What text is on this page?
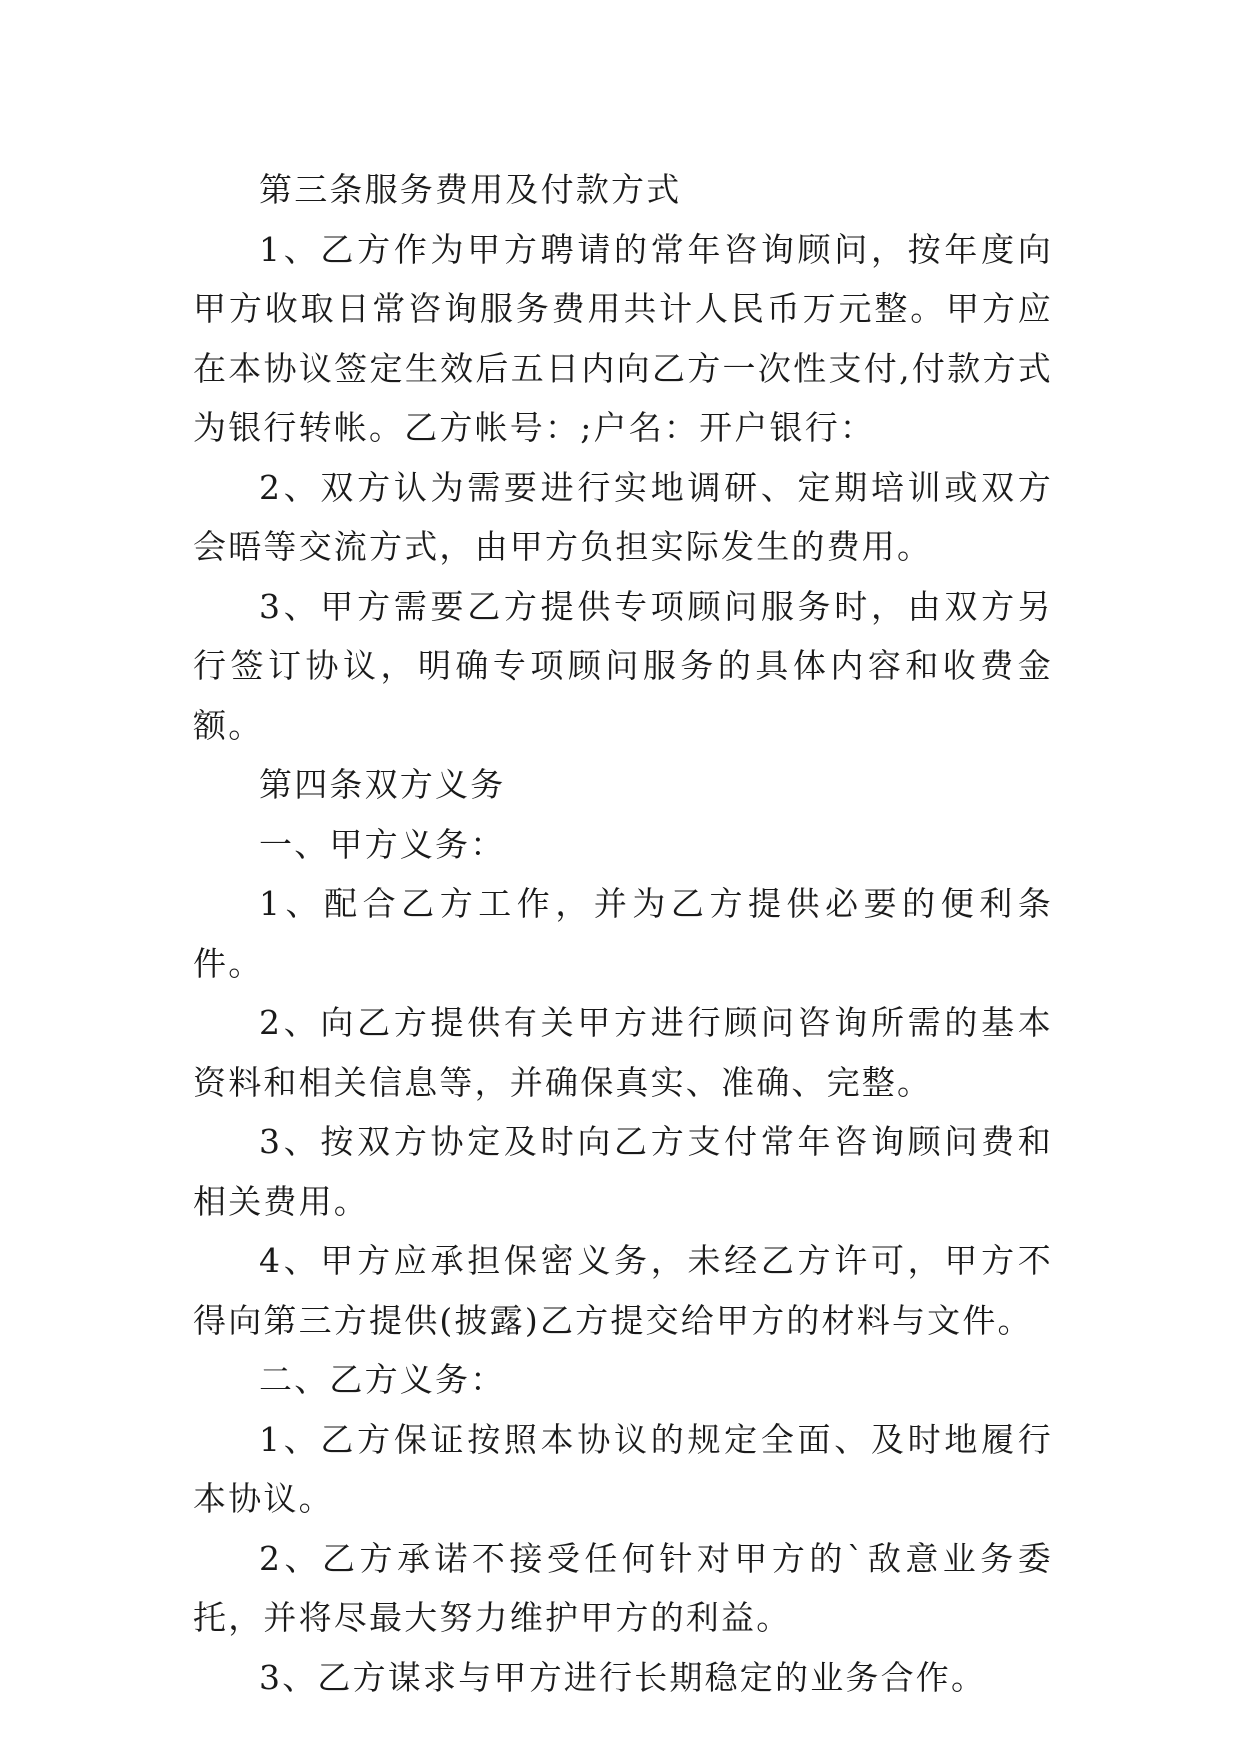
第三条服务费用及付款方式

1、乙方作为甲方聘请的常年咨询顾问，按年度向甲方收取日常咨询服务费用共计人民币万元整。甲方应在本协议签定生效后五日内向乙方一次性支付,付款方式为银行转帐。乙方帐号：;户名：开户银行：

2、双方认为需要进行实地调研、定期培训或双方会晤等交流方式，由甲方负担实际发生的费用。

3、甲方需要乙方提供专项顾问服务时，由双方另行签订协议，明确专项顾问服务的具体内容和收费金额。

第四条双方义务

一、甲方义务：

1、配合乙方工作，并为乙方提供必要的便利条件。

2、向乙方提供有关甲方进行顾问咨询所需的基本资料和相关信息等，并确保真实、准确、完整。

3、按双方协定及时向乙方支付常年咨询顾问费和相关费用。

4、甲方应承担保密义务，未经乙方许可，甲方不得向第三方提供(披露)乙方提交给甲方的材料与文件。

二、乙方义务：

1、乙方保证按照本协议的规定全面、及时地履行本协议。

2、乙方承诺不接受任何针对甲方的`敌意业务委托，并将尽最大努力维护甲方的利益。

3、乙方谋求与甲方进行长期稳定的业务合作。
